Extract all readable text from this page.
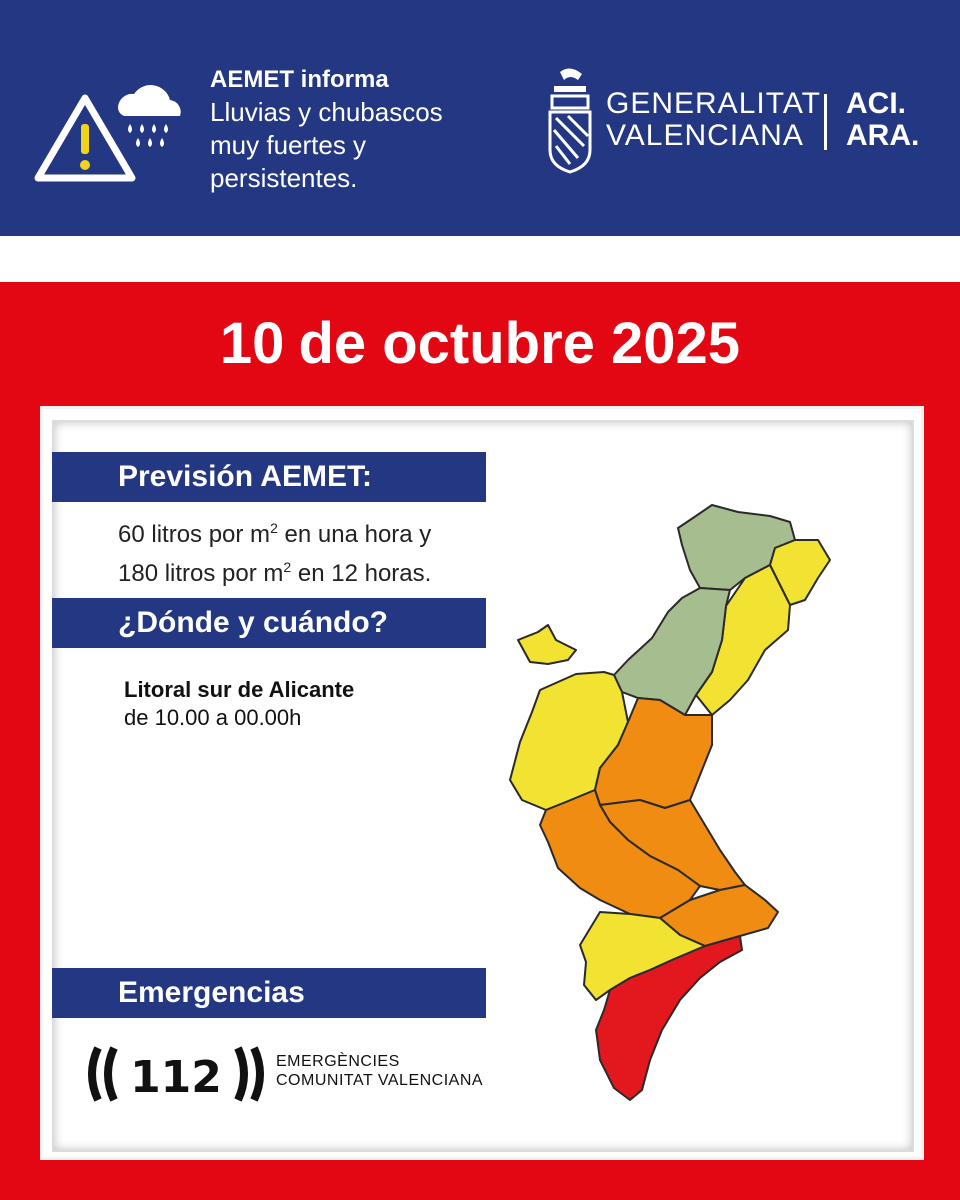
AEMET informa
Lluvias y chubascos
muy fuertes y
persistentes.
GENERALITAT
VALENCIANA
ACI.
ARA.
10 de octubre 2025
Previsión AEMET:
60 litros por $m^2$ en una hora y
180 litros por $m^2$ en 12 horas.
¿Dónde y cuándo?
Litoral sur de Alicante
de 10.00 a 00.00h
Emergencias
112	EMERGÈNCIES
COMUNITAT VALENCIANA
